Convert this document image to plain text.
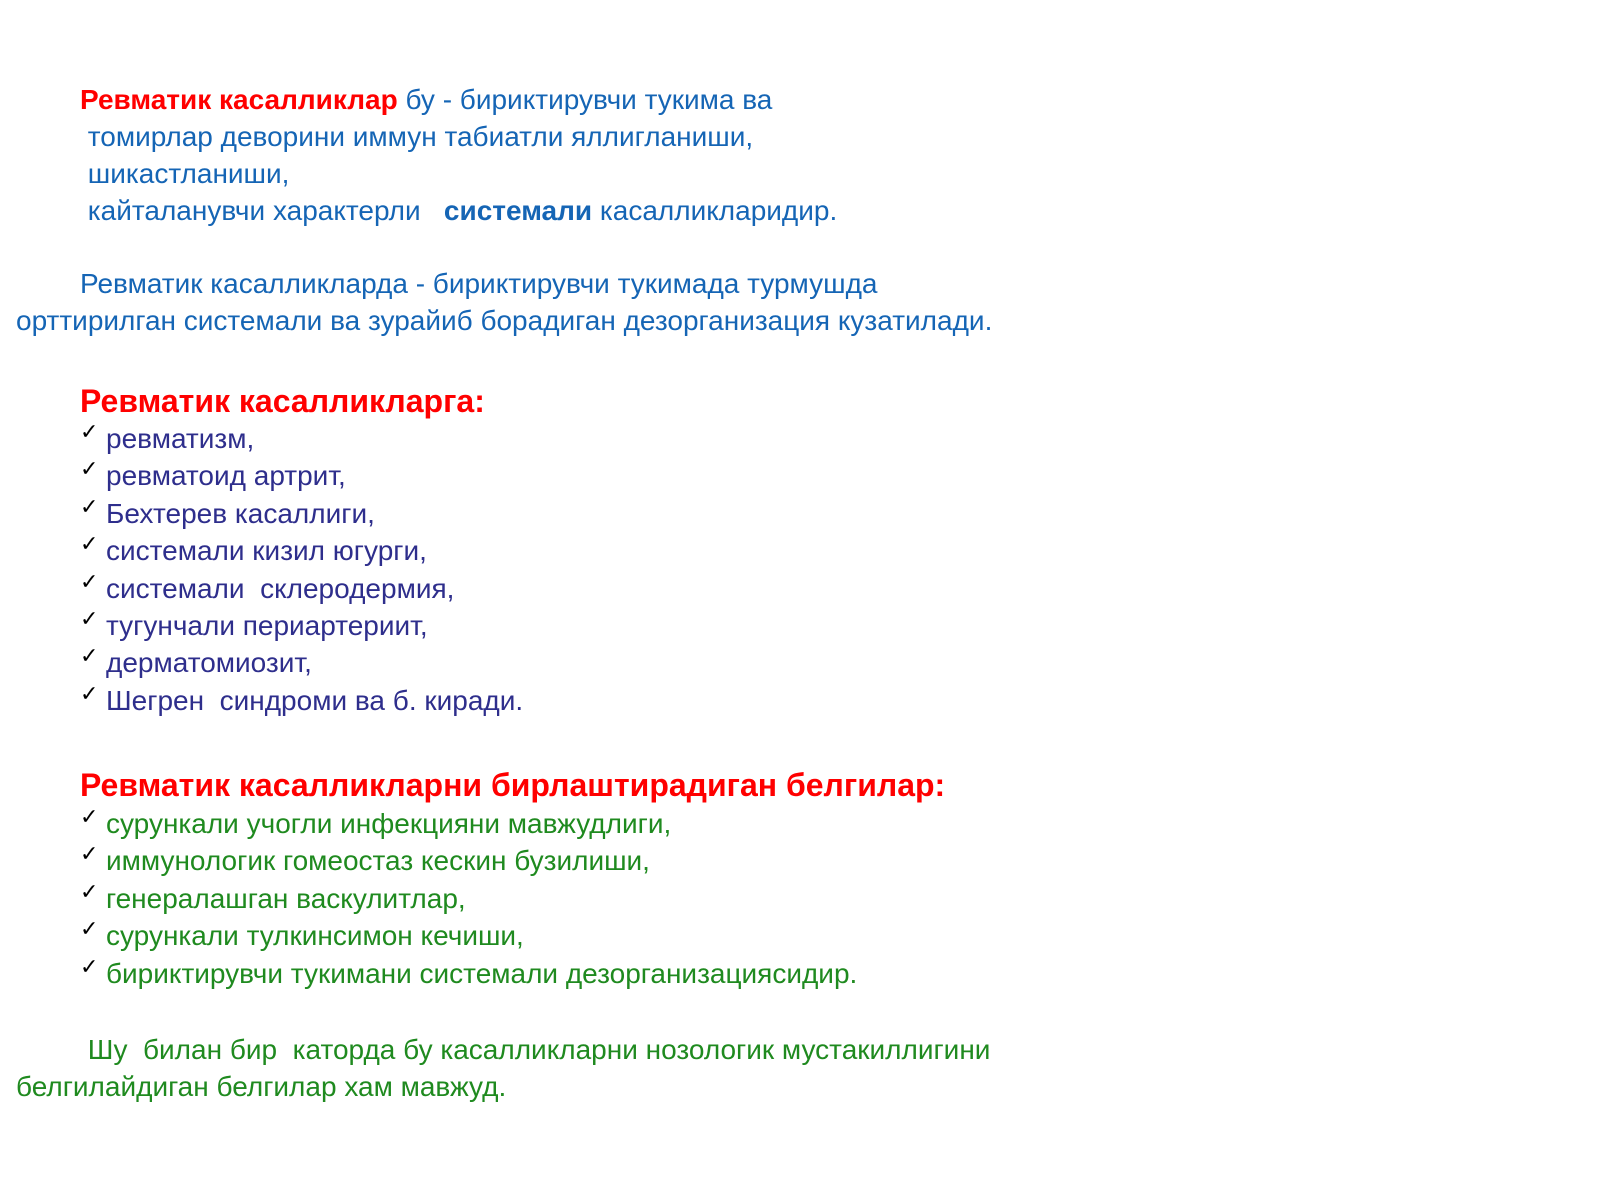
Ревматик касалликлар бу - бириктирувчи тукима ва

томирлар деворини иммун табиатли яллигланиши,

шикастланиши,

кайталанувчи характерли   системали касалликларидир.

Ревматик касалликларда - бириктирувчи тукимада турмушда

орттирилган системали ва зурайиб борадиган дезорганизация кузатилади.

Ревматик касалликларга:

✓ ревматизм,
✓ ревматоид артрит,
✓ Бехтерев касаллиги,
✓ системали кизил югурги,
✓ системали  склеродермия,
✓ тугунчали периартериит,
✓ дерматомиозит,
✓ Шегрен  синдроми ва б. киради.

Ревматик касалликларни бирлаштирадиган белгилар:

✓ сурункали учогли инфекцияни мавжудлиги,
✓ иммунологик гомеостаз кескин бузилиши,
✓ генералашган васкулитлар,
✓ сурункали тулкинсимон кечиши,
✓ бириктирувчи тукимани системали дезорганизациясидир.

Шу  билан бир  каторда бу касалликларни нозологик мустакиллигини

белгилайдиган белгилар хам мавжуд.
